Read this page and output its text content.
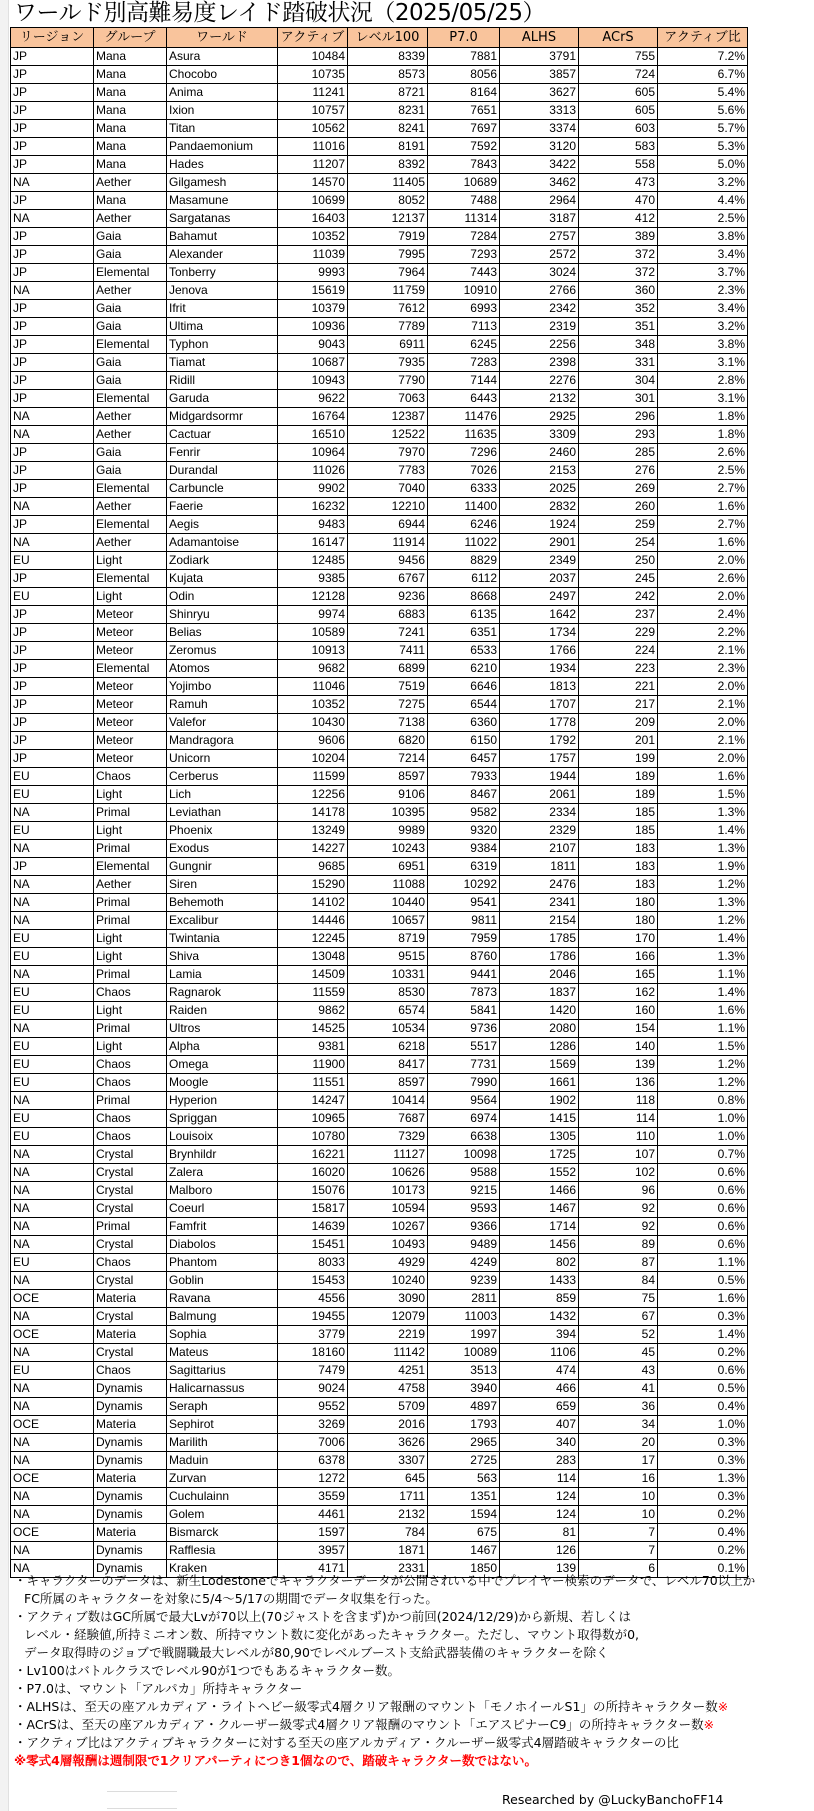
ワールド別高難易度レイド踏破状況（2025/05/25）
リージョン	グループ	ワールド	アクティブ	レベル100	P7.0	ALHS	ACrS	アクティブ比
JP	Mana	Asura	10484	8339	7881	3791	755	7.2%
JP	Mana	Chocobo	10735	8573	8056	3857	724	6.7%
JP	Mana	Anima	11241	8721	8164	3627	605	5.4%
JP	Mana	Ixion	10757	8231	7651	3313	605	5.6%
JP	Mana	Titan	10562	8241	7697	3374	603	5.7%
JP	Mana	Pandaemonium	11016	8191	7592	3120	583	5.3%
JP	Mana	Hades	11207	8392	7843	3422	558	5.0%
NA	Aether	Gilgamesh	14570	11405	10689	3462	473	3.2%
JP	Mana	Masamune	10699	8052	7488	2964	470	4.4%
NA	Aether	Sargatanas	16403	12137	11314	3187	412	2.5%
JP	Gaia	Bahamut	10352	7919	7284	2757	389	3.8%
JP	Gaia	Alexander	11039	7995	7293	2572	372	3.4%
JP	Elemental	Tonberry	9993	7964	7443	3024	372	3.7%
NA	Aether	Jenova	15619	11759	10910	2766	360	2.3%
JP	Gaia	Ifrit	10379	7612	6993	2342	352	3.4%
JP	Gaia	Ultima	10936	7789	7113	2319	351	3.2%
JP	Elemental	Typhon	9043	6911	6245	2256	348	3.8%
JP	Gaia	Tiamat	10687	7935	7283	2398	331	3.1%
JP	Gaia	Ridill	10943	7790	7144	2276	304	2.8%
JP	Elemental	Garuda	9622	7063	6443	2132	301	3.1%
NA	Aether	Midgardsormr	16764	12387	11476	2925	296	1.8%
NA	Aether	Cactuar	16510	12522	11635	3309	293	1.8%
JP	Gaia	Fenrir	10964	7970	7296	2460	285	2.6%
JP	Gaia	Durandal	11026	7783	7026	2153	276	2.5%
JP	Elemental	Carbuncle	9902	7040	6333	2025	269	2.7%
NA	Aether	Faerie	16232	12210	11400	2832	260	1.6%
JP	Elemental	Aegis	9483	6944	6246	1924	259	2.7%
NA	Aether	Adamantoise	16147	11914	11022	2901	254	1.6%
EU	Light	Zodiark	12485	9456	8829	2349	250	2.0%
JP	Elemental	Kujata	9385	6767	6112	2037	245	2.6%
EU	Light	Odin	12128	9236	8668	2497	242	2.0%
JP	Meteor	Shinryu	9974	6883	6135	1642	237	2.4%
JP	Meteor	Belias	10589	7241	6351	1734	229	2.2%
JP	Meteor	Zeromus	10913	7411	6533	1766	224	2.1%
JP	Elemental	Atomos	9682	6899	6210	1934	223	2.3%
JP	Meteor	Yojimbo	11046	7519	6646	1813	221	2.0%
JP	Meteor	Ramuh	10352	7275	6544	1707	217	2.1%
JP	Meteor	Valefor	10430	7138	6360	1778	209	2.0%
JP	Meteor	Mandragora	9606	6820	6150	1792	201	2.1%
JP	Meteor	Unicorn	10204	7214	6457	1757	199	2.0%
EU	Chaos	Cerberus	11599	8597	7933	1944	189	1.6%
EU	Light	Lich	12256	9106	8467	2061	189	1.5%
NA	Primal	Leviathan	14178	10395	9582	2334	185	1.3%
EU	Light	Phoenix	13249	9989	9320	2329	185	1.4%
NA	Primal	Exodus	14227	10243	9384	2107	183	1.3%
JP	Elemental	Gungnir	9685	6951	6319	1811	183	1.9%
NA	Aether	Siren	15290	11088	10292	2476	183	1.2%
NA	Primal	Behemoth	14102	10440	9541	2341	180	1.3%
NA	Primal	Excalibur	14446	10657	9811	2154	180	1.2%
EU	Light	Twintania	12245	8719	7959	1785	170	1.4%
EU	Light	Shiva	13048	9515	8760	1786	166	1.3%
NA	Primal	Lamia	14509	10331	9441	2046	165	1.1%
EU	Chaos	Ragnarok	11559	8530	7873	1837	162	1.4%
EU	Light	Raiden	9862	6574	5841	1420	160	1.6%
NA	Primal	Ultros	14525	10534	9736	2080	154	1.1%
EU	Light	Alpha	9381	6218	5517	1286	140	1.5%
EU	Chaos	Omega	11900	8417	7731	1569	139	1.2%
EU	Chaos	Moogle	11551	8597	7990	1661	136	1.2%
NA	Primal	Hyperion	14247	10414	9564	1902	118	0.8%
EU	Chaos	Spriggan	10965	7687	6974	1415	114	1.0%
EU	Chaos	Louisoix	10780	7329	6638	1305	110	1.0%
NA	Crystal	Brynhildr	16221	11127	10098	1725	107	0.7%
NA	Crystal	Zalera	16020	10626	9588	1552	102	0.6%
NA	Crystal	Malboro	15076	10173	9215	1466	96	0.6%
NA	Crystal	Coeurl	15817	10594	9593	1467	92	0.6%
NA	Primal	Famfrit	14639	10267	9366	1714	92	0.6%
NA	Crystal	Diabolos	15451	10493	9489	1456	89	0.6%
EU	Chaos	Phantom	8033	4929	4249	802	87	1.1%
NA	Crystal	Goblin	15453	10240	9239	1433	84	0.5%
OCE	Materia	Ravana	4556	3090	2811	859	75	1.6%
NA	Crystal	Balmung	19455	12079	11003	1432	67	0.3%
OCE	Materia	Sophia	3779	2219	1997	394	52	1.4%
NA	Crystal	Mateus	18160	11142	10089	1106	45	0.2%
EU	Chaos	Sagittarius	7479	4251	3513	474	43	0.6%
NA	Dynamis	Halicarnassus	9024	4758	3940	466	41	0.5%
NA	Dynamis	Seraph	9552	5709	4897	659	36	0.4%
OCE	Materia	Sephirot	3269	2016	1793	407	34	1.0%
NA	Dynamis	Marilith	7006	3626	2965	340	20	0.3%
NA	Dynamis	Maduin	6378	3307	2725	283	17	0.3%
OCE	Materia	Zurvan	1272	645	563	114	16	1.3%
NA	Dynamis	Cuchulainn	3559	1711	1351	124	10	0.3%
NA	Dynamis	Golem	4461	2132	1594	124	10	0.2%
OCE	Materia	Bismarck	1597	784	675	81	7	0.4%
NA	Dynamis	Rafflesia	3957	1871	1467	126	7	0.2%
NA	Dynamis	Kraken	4171	2331	1850	139	6	0.1%
・キャラクターのデータは、新生Lodestoneでキャラクターデータが公開されいる中でプレイヤー検索のデータで、レベル70以上か
FC所属のキャラクターを対象に5/4～5/17の期間でデータ収集を行った。
・アクティブ数はGC所属で最大Lvが70以上(70ジャストを含まず)かつ前回(2024/12/29)から新規、若しくは
レベル・経験値,所持ミニオン数、所持マウント数に変化があったキャラクター。ただし、マウント取得数が0,
データ取得時のジョブで戦闘職最大レベルが80,90でレベルブースト支給武器装備のキャラクターを除く
・Lv100はバトルクラスでレベル90が1つでもあるキャラクター数。
・P7.0は、マウント「アルパカ」所持キャラクター
・ALHSは、至天の座アルカディア・ライトヘビー級零式4層クリア報酬のマウント「モノホイールS1」の所持キャラクター数※
・ACrSは、至天の座アルカディア・クルーザー級零式4層クリア報酬のマウント「エアスピナーC9」の所持キャラクター数※
・アクティブ比はアクティブキャラクターに対する至天の座アルカディア・クルーザー級零式4層踏破キャラクターの比
※零式4層報酬は週制限で1クリアパーティにつき1個なので、踏破キャラクター数ではない。
Researched by @LuckyBanchoFF14
